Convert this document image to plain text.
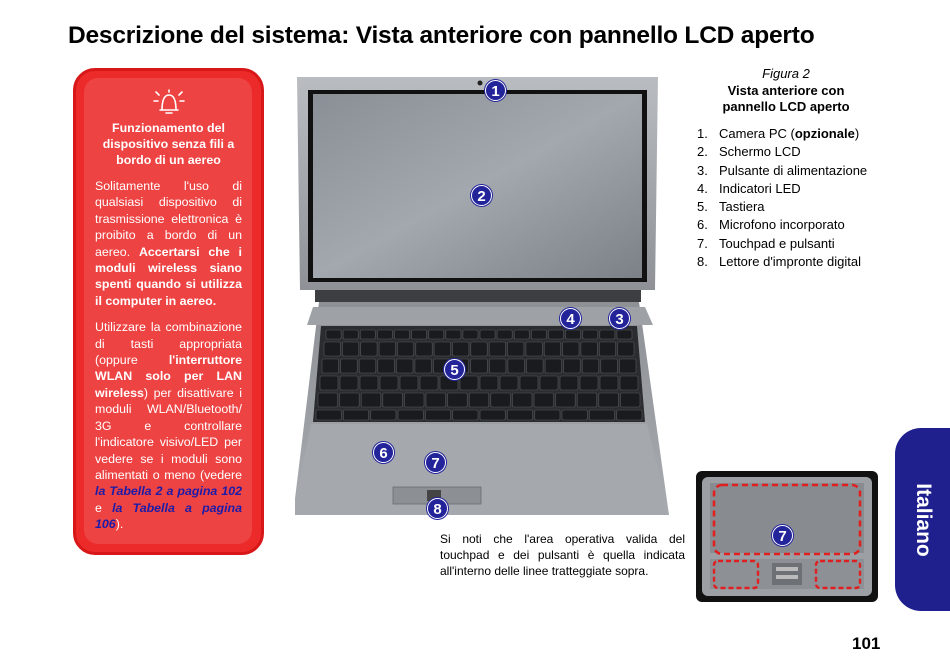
Descrizione del sistema: Vista anteriore con pannello LCD aperto
Funzionamento del dispositivo senza fili a bordo di un aereo

Solitamente l'uso di qualsiasi dispositivo di trasmissione elettronica è proibito a bordo di un aereo. Accertarsi che i moduli wireless siano spenti quando si utilizza il computer in aereo.

Utilizzare la combinazione di tasti appropriata (oppure	l'interruttore WLAN solo per LAN wireless) per disattivare i moduli WLAN/Bluetooth/ 3G e controllare l'indicatore visivo/LED per vedere se i moduli sono alimentati o meno (vedere la Tabella 2 a pagina 102 e la Tabella a pagina 106).

1
2
3
4
5
6
7
8
Figura 2
Vista anteriore con pannello LCD aperto
1. Camera PC (opzionale)
2. Schermo LCD
3. Pulsante di alimentazione
4. Indicatori LED
5. Tastiera
6. Microfono incorporato
7. Touchpad e pulsanti
8. Lettore d'impronte digital
7
Si noti che l'area operativa valida del touchpad e dei pulsanti è quella indicata all'interno delle linee tratteggiate sopra.
Italiano
101
